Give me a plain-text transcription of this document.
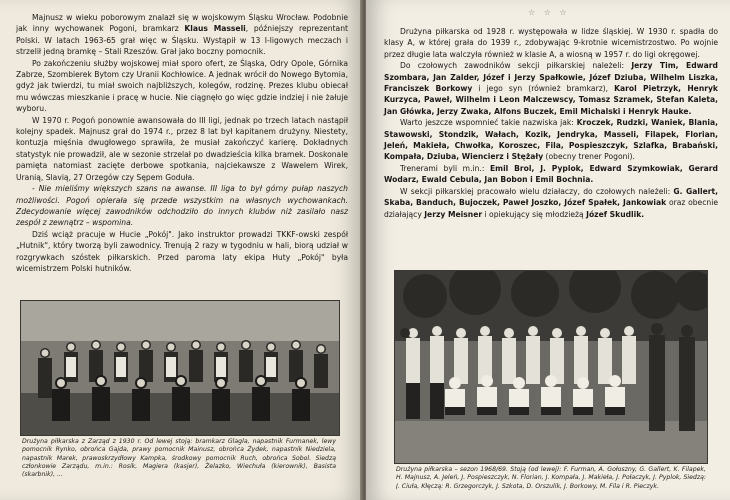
Majnusz w wieku poborowym znalazł się w wojskowym Śląsku Wrocław. Podobnie jak inny wychowanek Pogoni, bramkarz Klaus Masseli, późniejszy reprezentant Polski. W latach 1963-65 grał więc w Śląsku. Wystąpił w 13 I-ligowych meczach i strzelił jedną bramkę – Stali Rzeszów. Grał jako boczny pomocnik.

Po zakończeniu służby wojskowej miał sporo ofert, ze Śląska, Odry Opole, Górnika Zabrze, Szombierek Bytom czy Uranii Kochłowice. A jednak wrócił do Nowego Bytomia, gdyż jak twierdzi, tu miał swoich najbliższych, kolegów, rodzinę. Prezes klubu obiecał mu wówczas mieszkanie i pracę w hucie. Nie ciągnęło go więc gdzie indziej i nie żałuje wyboru.

W 1970 r. Pogoń ponownie awansowała do III ligi, jednak po trzech latach nastąpił kolejny spadek. Majnusz grał do 1974 r., przez 8 lat był kapitanem drużyny. Niestety, kontuzja mięśnia dwugłowego sprawiła, że musiał zakończyć karierę. Dokładnych statystyk nie prowadził, ale w sezonie strzelał po dwadzieścia kilka bramek. Doskonale pamięta natomiast zacięte derbowe spotkania, najciekawsze z Wawelem Wirek, Uranią, Slavią, 27 Orzegów czy Sępem Goduła.

- Nie mieliśmy większych szans na awanse. III liga to był górny pułap naszych możliwości. Pogoń opierała się przede wszystkim na własnych wychowankach. Zdecydowanie więcej zawodników odchodziło do innych klubów niż zasilało nasz zespół z zewnątrz – wspomina.

Dziś wciąż pracuje w Hucie „Pokój". Jako instruktor prowadzi TKKF-owski zespół „Hutnik", który tworzą byli zawodnicy. Trenują 2 razy w tygodniu w hali, biorą udział w rozgrywkach szóstek piłkarskich. Przed paroma laty ekipa Huty „Pokój" była wicemistrzem Polski hutników.

Drużyna piłkarska z Zarząd z 1930 r. Od lewej stoją: bramkarz Glagla, napastnik Furmanek, lewy pomocnik Rynko, obrońca Gajda, prawy pomocnik Mainusz, obrońca Żydek, napastnik Niedziela, napastnik Marek, prawoskrzydłowy Kampka, środkowy pomocnik Ruch, obrońca Sobol. Siedzą członkowie Zarządu, m.in.: Rosik, Magiera (kasjer), Żelazko, Wiechuła (kierownik), Basista (skarbnik), ...
☆ ☆ ☆

Drużyna piłkarska od 1928 r. występowała w lidze śląskiej. W 1930 r. spadła do klasy A, w której grała do 1939 r., zdobywając 9-krotnie wicemistrzostwo. Po wojnie przez długie lata walczyła również w klasie A, a wiosną w 1957 r. do ligi okręgowej.

Do czołowych zawodników sekcji piłkarskiej należeli: Jerzy Tim, Edward Szombara, Jan Zalder, Józef i Jerzy Spałkowie, Józef Dziuba, Wilhelm Liszka, Franciszek Borkowy i jego syn (również bramkarz), Karol Pietrzyk, Henryk Kurzyca, Paweł, Wilhelm i Leon Malczewscy, Tomasz Szramek, Stefan Kaleta, Jan Główka, Jerzy Zwaka, Alfons Buczek, Emil Michalski i Henryk Hauke.

Warto jeszcze wspomnieć takie nazwiska jak: Kroczek, Rudzki, Waniek, Blania, Stawowski, Stondzik, Wałach, Kozik, Jendryka, Masseli, Filapek, Florian, Jeleń, Makieła, Chwołka, Koroszec, Fila, Pospieszczyk, Szlafka, Brabański, Kompała, Dziuba, Wiencierz i Stężały (obecny trener Pogoni).

Trenerami byli m.in.: Emil Brol, J. Pyplok, Edward Szymkowiak, Gerard Wodarz, Ewald Cebula, Jan Bobon i Emil Bochnia.

W sekcji piłkarskiej pracowało wielu działaczy, do czołowych należeli: G. Gallert, Skaba, Banduch, Bujoczek, Paweł Joszko, Józef Spałek, Jankowiak oraz obecnie działający Jerzy Meisner i opiekujący się młodzieżą Józef Skudlik.

Drużyna piłkarska – sezon 1968/69. Stoją (od lewej): F. Furman, A. Gołoszny, G. Gallert, K. Filapek, H. Majnusz, A. Jeleń, J. Pospieszczyk, N. Florian, J. Kompała, J. Makieła, J. Połaczyk, J. Pyplok, Siedzą: J. Ciuła, Kłęczą: R. Grzegorczyk, J. Szkota, D. Orszulik, J. Borkowy, M. Fila i R. Pieczyk.
